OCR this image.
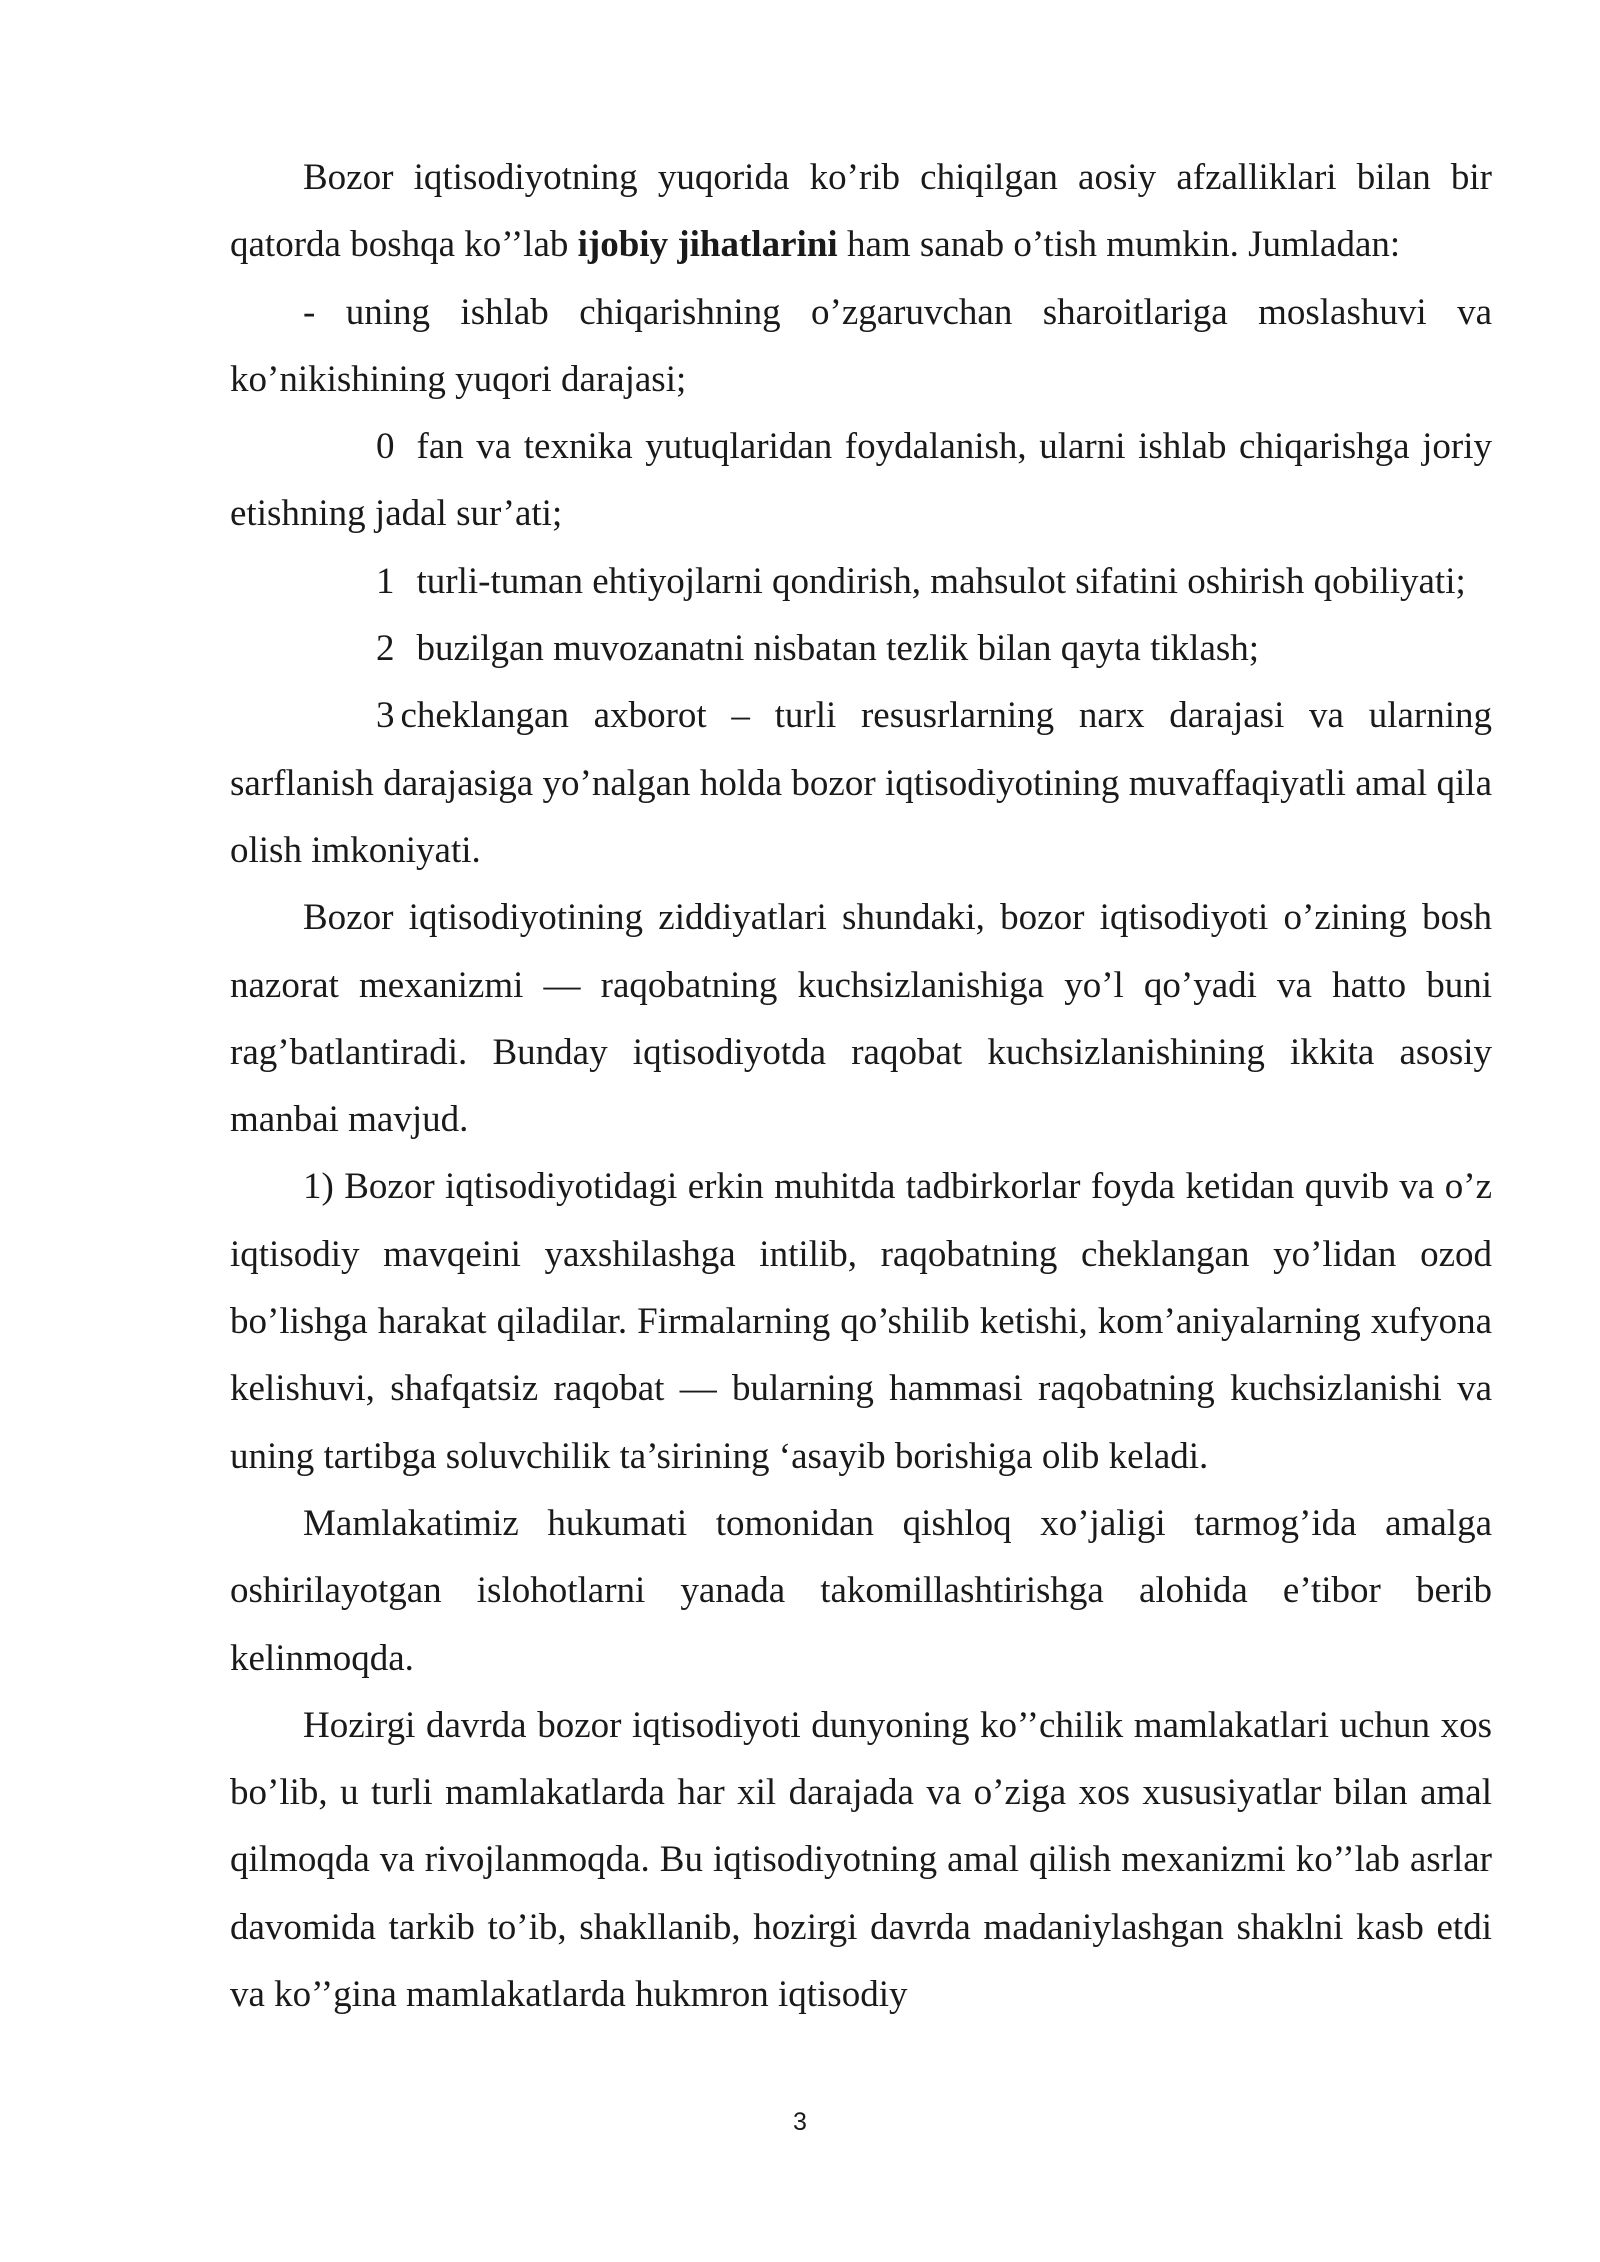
Bozor iqtisodiyotning yuqorida ko’rib chiqilgan aosiy afzalliklari bilan bir qatorda boshqa ko’’lab ijobiy jihatlarini ham sanab o’tish mumkin. Jumladan:

- uning ishlab chiqarishning o’zgaruvchan sharoitlariga moslashuvi va ko’nikishining yuqori darajasi;

0 fan va texnika yutuqlaridan foydalanish, ularni ishlab chiqarishga joriy etishning jadal sur’ati;

1 turli-tuman ehtiyojlarni qondirish, mahsulot sifatini oshirish qobiliyati;

2 buzilgan muvozanatni nisbatan tezlik bilan qayta tiklash;

3 cheklangan axborot – turli resusrlarning narx darajasi va ularning sarflanish darajasiga yo’nalgan holda bozor iqtisodiyotining muvaffaqiyatli amal qila olish imkoniyati.

Bozor iqtisodiyotining ziddiyatlari shundaki, bozor iqtisodiyoti o’zining bosh nazorat mexanizmi — raqobatning kuchsizlanishiga yo’l qo’yadi va hatto buni rag’batlantiradi. Bunday iqtisodiyotda raqobat kuchsizlanishining ikkita asosiy manbai mavjud.

1) Bozor iqtisodiyotidagi erkin muhitda tadbirkorlar foyda ketidan quvib va o’z iqtisodiy mavqeini yaxshilashga intilib, raqobatning cheklangan yo’lidan ozod bo’lishga harakat qiladilar. Firmalarning qo’shilib ketishi, kom’aniyalarning xufyona kelishuvi, shafqatsiz raqobat — bularning hammasi raqobatning kuchsizlanishi va uning tartibga soluvchilik ta’sirining ‘asayib borishiga olib keladi.

Mamlakatimiz hukumati tomonidan qishloq xo’jaligi tarmog’ida amalga oshirilayotgan islohotlarni yanada takomillashtirishga alohida e’tibor berib kelinmoqda.

Hozirgi davrda bozor iqtisodiyoti dunyoning ko’’chilik mamlakatlari uchun xos bo’lib, u turli mamlakatlarda har xil darajada va o’ziga xos xususiyatlar bilan amal qilmoqda va rivojlanmoqda. Bu iqtisodiyotning amal qilish mexanizmi ko’’lab asrlar davomida tarkib to’ib, shakllanib, hozirgi davrda madaniylashgan shaklni kasb etdi va ko’’gina mamlakatlarda hukmron iqtisodiy

3
